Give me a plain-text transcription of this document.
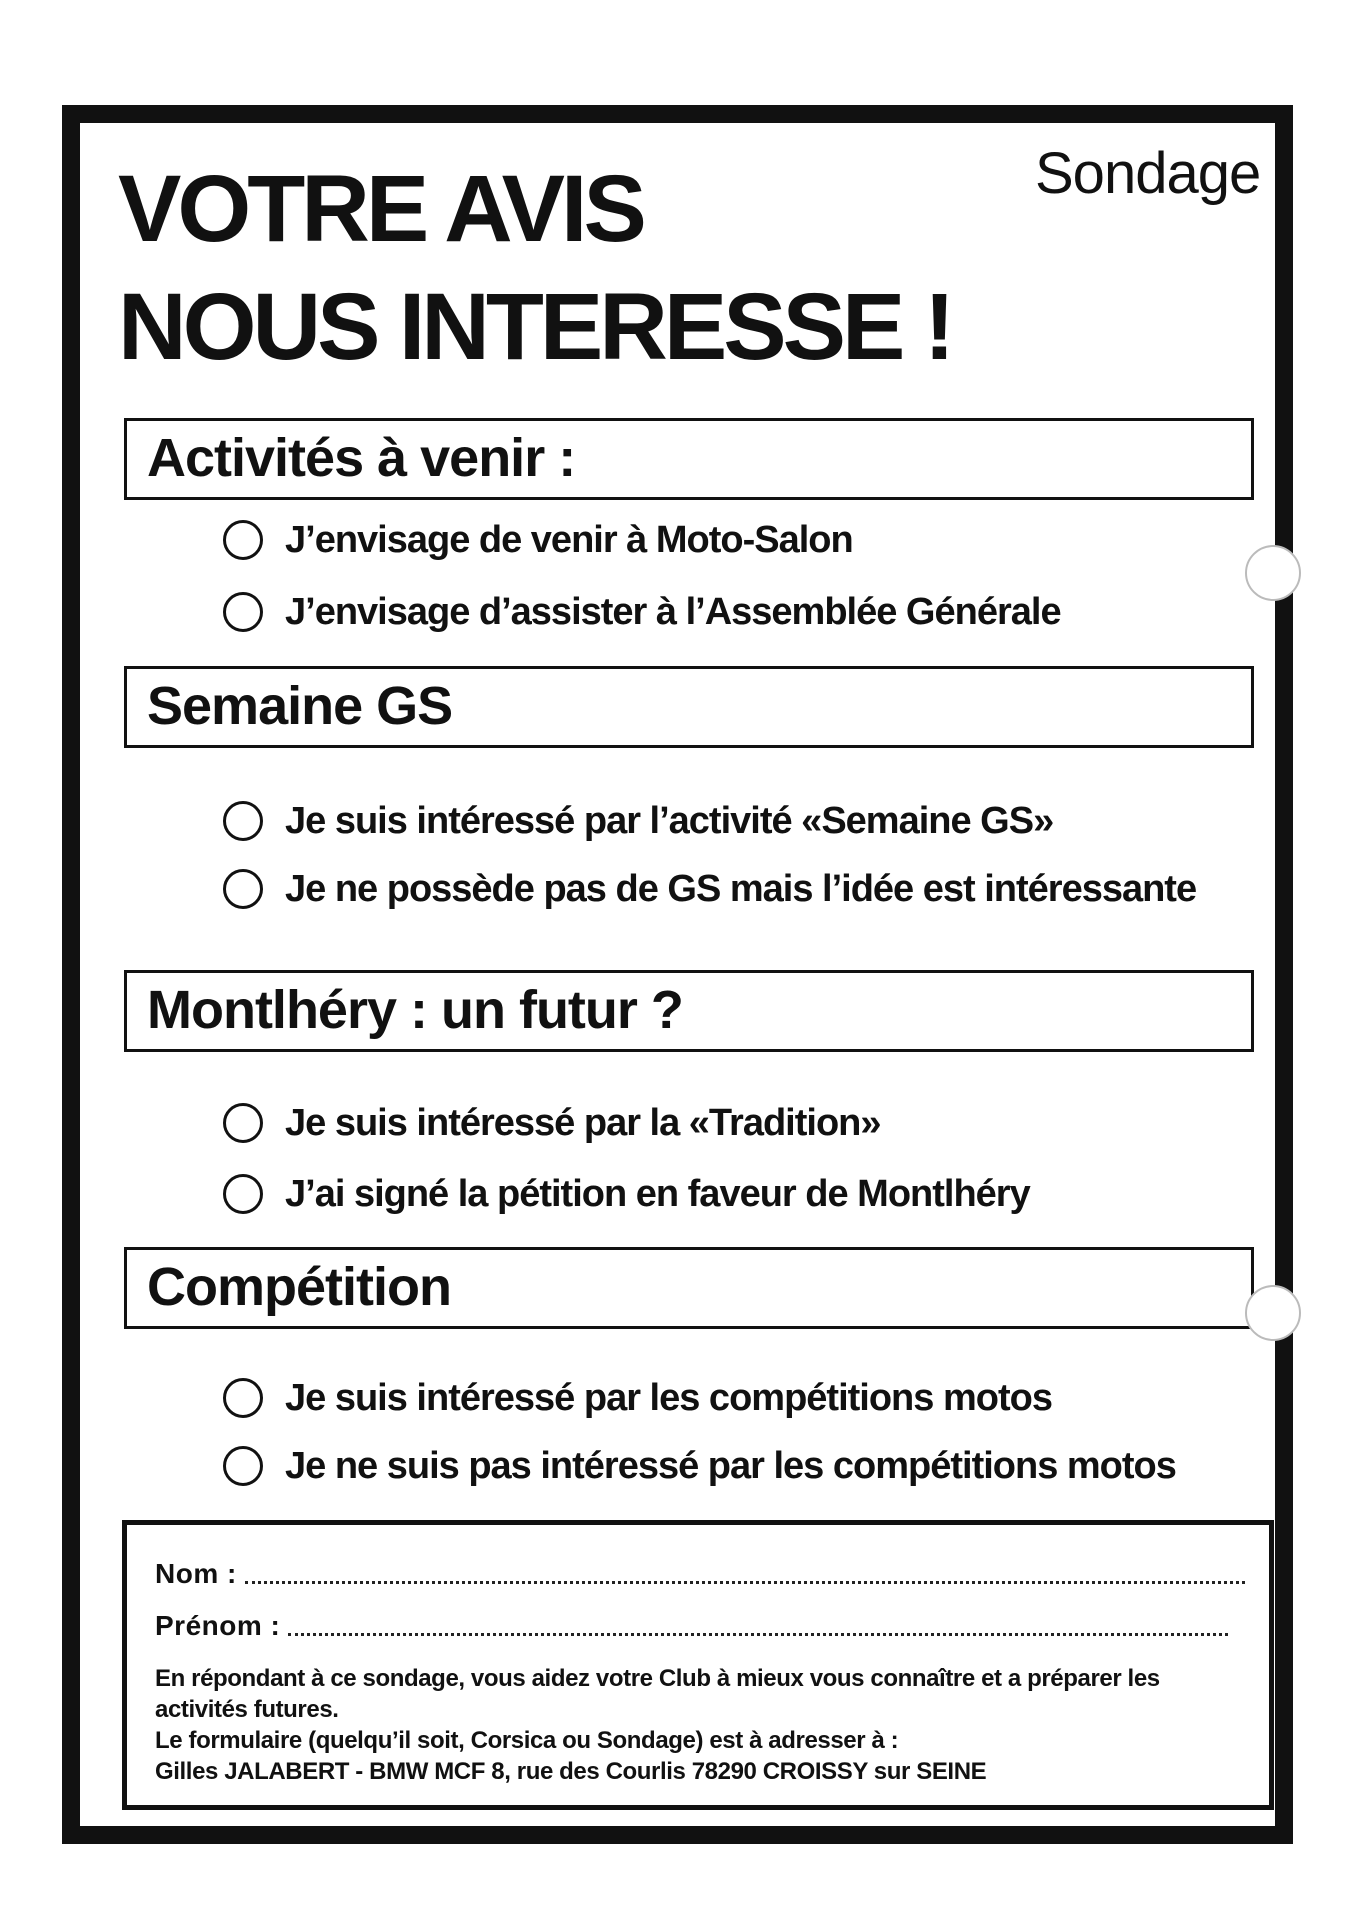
VOTRE AVIS
NOUS INTERESSE !
Sondage
Activités à venir :
J’envisage de venir à Moto-Salon
J’envisage d’assister à l’Assemblée Générale
Semaine GS
Je suis intéressé par l’activité «Semaine GS»
Je ne possède pas de GS mais l’idée est intéressante
Montlhéry : un futur ?
Je suis intéressé par la «Tradition»
J’ai signé la pétition en faveur de Montlhéry
Compétition
Je suis intéressé par les compétitions motos
Je ne suis pas intéressé par les compétitions motos
Nom :
Prénom :
En répondant à ce sondage, vous aidez votre Club à mieux vous connaître et a préparer les
activités futures.
Le formulaire (quelqu’il soit, Corsica ou Sondage) est à adresser à :
Gilles JALABERT - BMW MCF 8, rue des Courlis 78290 CROISSY sur SEINE
